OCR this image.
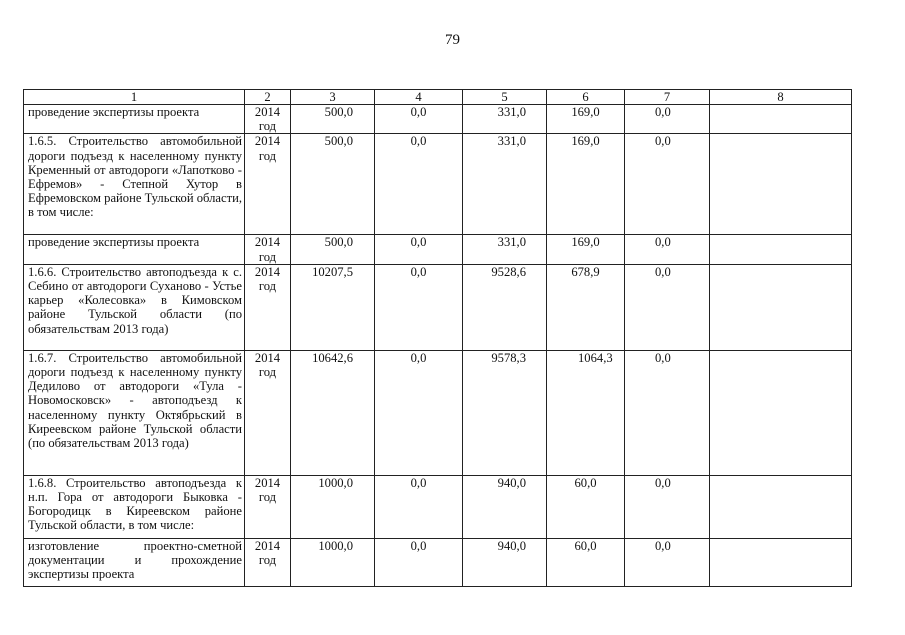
79
1	2	3	4	5	6	7	8
проведение экспертизы проекта	2014 год	500,0	0,0	331,0	169,0	0,0	
1.6.5. Строительство автомобильной дороги подъезд к населенному пункту Кременный от автодороги «Лапотково - Ефремов» - Степной Хутор в Ефремовском районе Тульской области, в том числе:	2014 год	500,0	0,0	331,0	169,0	0,0	
проведение экспертизы проекта	2014 год	500,0	0,0	331,0	169,0	0,0	
1.6.6. Строительство автоподъезда к с. Себино от автодороги Суханово - Устье карьер «Колесовка» в Кимовском районе Тульской области (по обязательствам 2013 года)	2014 год	10207,5	0,0	9528,6	678,9	0,0	
1.6.7. Строительство автомобильной дороги подъезд к населенному пункту Дедилово от автодороги «Тула - Новомосковск» - автоподъезд к населенному пункту Октябрьский в Киреевском районе Тульской области (по обязательствам 2013 года)	2014 год	10642,6	0,0	9578,3	1064,3	0,0	
1.6.8. Строительство автоподъезда к н.п. Гора от автодороги Быковка - Богородицк в Киреевском районе Тульской области, в том числе:	2014 год	1000,0	0,0	940,0	60,0	0,0	
изготовление проектно-сметной документации и прохождение экспертизы проекта	2014 год	1000,0	0,0	940,0	60,0	0,0	
